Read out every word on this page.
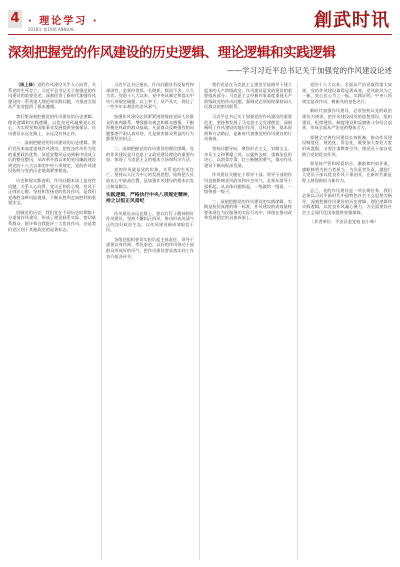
4 · 理论学习 ·
2018年 第19期 ANNUAL	創武时讯
深刻把握党的作风建设的历史逻辑、理论逻辑和实践逻辑
——学习习近平总书记关于加强党的作风建设论述

（陈上驿）党的作风建设关乎人心向背，关系党的生死存亡。习近平总书记关于加强党的作风建设的重要论述，深刻回答了新时代加强作风建设的一系列重大理论和实践问题，为推进全面从严治党提供了根本遵循。

我们要深刻把握党的作风建设的历史逻辑、理论逻辑和实践逻辑，以优良党风凝聚党心民心，为实现党和国家事业发展提供坚强保证。作风建设永远在路上，永远没有休止符。

一、深刻把握党的作风建设的历史逻辑。我们党历来高度重视作风建设，把优良作风作为党的重要政治优势。从延安整风运动到新中国成立后的整党整风，从改革开放以来的党风廉政建设到党的十八大以来的中央八项规定，党的作风建设始终与党的历史使命紧密相连。

历史和现实都表明，作风问题本质上是党性问题，关系人心向背。党风正则民心聚，党风不正则民心散。坚持和发扬党的优良作风，是我们党战胜各种风险挑战、不断从胜利走向胜利的重要法宝。

回顾党的历史，我们党在不同历史时期都十分重视作风建设，形成了理论联系实际、密切联系群众、批评和自我批评三大优良作风，这是我们党区别于其他政党的显著标志。

习近平总书记指出，作风问题具有反复性和顽固性，必须经常抓、长期抓，锲而不舍、久久为功。党的十八大以来，党中央从制定和落实中央八项规定破题，以上率下、从严从实，刹住了一些多年未刹住的歪风邪气。

加强作风建设必须紧紧围绕保持党同人民群众的血肉联系，增强群众观念和群众感情，不断厚植党执政的群众基础。凡是群众反映强烈的问题都要严肃认真对待，凡是损害群众利益的行为都要坚决纠正。

二、深刻把握党的作风建设的理论逻辑。党的作风建设是马克思主义政党建设理论的重要内容，体现了马克思主义的根本立场和科学方法。

党的作风就是党的形象，关系党的生死存亡。坚持以人民为中心的发展思想，始终把人民放在心中最高位置，是加强作风建设的根本出发点和落脚点。

实践逻辑，严格执行中央八项规定精神，持之以恒正风肃纪

作风建设永远在路上。要以钉钉子精神抓好作风建设，坚持不懈纠正四风，推动形成风清气正的良好政治生态，以作风建设新成效取信于民。

各级党组织要切实担负起主体责任，领导干部要以身作则、率先垂范，以好的作风带动干部群众形成好的风气，把作风建设要求落实到工作各方面各环节。

我们党是在马克思主义建党学说指导下建立起来的无产阶级政党，作风建设是党的建设的重要组成部分。马克思主义经典作家高度重视无产阶级政党的作风问题，强调党必须始终保持同人民群众的密切联系。

习近平总书记关于加强党的作风建设的重要论述，坚持和发展了马克思主义党建理论，深刻阐明了作风建设的地位作用、目标任务、基本原则和方法路径，是新时代加强党的作风建设的行动指南。

坚持问题导向，聚焦形式主义、官僚主义、享乐主义和奢靡之风，以猛药去疴、重典治乱的决心，以刮骨疗毒、壮士断腕的勇气，推动作风建设不断向纵深发展。

作风建设关键在于领导干部。领导干部的作风直接影响党风政风和社会风气，必须从领导干部抓起，从具体问题抓起，一级做给一级看，一级带着一级干。

三、深刻把握党的作风建设的实践逻辑。实践是检验真理的唯一标准，作风建设的成效最终要体现在为民服务的实际行动中，体现在推动改革发展稳定的具体成果上。

党的十八大以来，全面从严治党取得重大成果，党的作风建设取得显著成效，党风政风为之一新，党心民心为之一振。实践证明，中央八项规定是改作风、树新风的金色名片。

新时代加强作风建设，必须坚持以党的政治建设为统领，把作风建设同党的思想建设、组织建设、纪律建设、制度建设和反腐败斗争结合起来，形成全面从严治党的整体合力。

要健全完善作风建设长效机制，推动作风建设制度化、规范化、常态化，既要加大查处力度形成震慑，又要注重教育引导，使党员干部自觉践行党的优良作风。

要坚持严管和厚爱结合、激励和约束并重，旗帜鲜明为担当者担当、为负责者负责，激励广大党员干部以优良作风干事创业，在新时代新征程上展现新担当新作为。

总之，党的作风建设是一项长期任务，我们必须以习近平新时代中国特色社会主义思想为指导，深刻把握作风建设的历史逻辑、理论逻辑和实践逻辑，以优良作风凝心聚力，为全面建设社会主义现代化国家提供坚强保障。

（作者单位：平安县委党校 赵小林）
